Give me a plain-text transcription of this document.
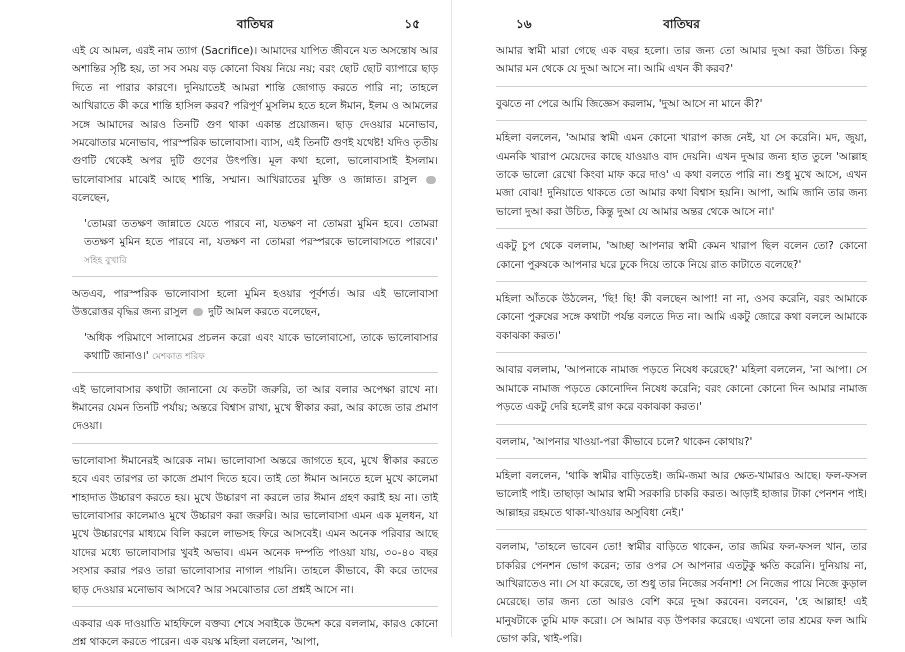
বাতিঘর	১৫

এই যে আমল, এরই নাম ত্যাগ (Sacrifice)। আমাদের যাপিত জীবনে যত অসন্তোষ আর অশান্তির সৃষ্টি হয়, তা সব সময় বড় কোনো বিষয় নিয়ে নয়; বরং ছোট ছোট ব্যাপারে ছাড় দিতে না পারার কারণে। দুনিয়াতেই আমরা শান্তি জোগাড় করতে পারি না; তাহলে আখিরাতে কী করে শান্তি হাসিল করব? পরিপূর্ণ মুসলিম হতে হলে ঈমান, ইলম ও আমলের সঙ্গে আমাদের আরও তিনটি গুণ থাকা একান্ত প্রয়োজন। ছাড় দেওয়ার মনোভাব, সমঝোতার মনোভাব, পারস্পরিক ভালোবাসা। ব্যাস, এই তিনটি গুণই যথেষ্ট! যদিও তৃতীয় গুণটি থেকেই অপর দুটি গুণের উৎপত্তি। মূল কথা হলো, ভালোবাসাই ইসলাম। ভালোবাসার মাঝেই আছে শান্তি, সম্মান। আখিরাতের মুক্তি ও জান্নাত। রাসুল  বলেছেন,

'তোমরা ততক্ষণ জান্নাতে যেতে পারবে না, যতক্ষণ না তোমরা মুমিন হবে। তোমরা ততক্ষণ মুমিন হতে পারবে না, যতক্ষণ না তোমরা পরস্পরকে ভালোবাসতে পারবে।' সহিহ বুখারি

অতএব, পারস্পরিক ভালোবাসা হলো মুমিন হওয়ার পূর্বশর্ত। আর এই ভালোবাসা উত্তরোত্তর বৃদ্ধির জন্য রাসুল দুটি আমল করতে বলেছেন,

'অধিক পরিমাণে সালামের প্রচলন করো এবং যাকে ভালোবাসো, তাকে ভালোবাসার কথাটি জানাও।' মেশকাত শরিফ

এই ভালোবাসার কথাটা জানানো যে কতটা জরুরি, তা আর বলার অপেক্ষা রাখে না। ঈমানের যেমন তিনটি পর্যায়; অন্তরে বিশ্বাস রাখা, মুখে স্বীকার করা, আর কাজে তার প্রমাণ দেওয়া।

ভালোবাসা ঈমানেরই আরেক নাম। ভালোবাসা অন্তরে জাগতে হবে, মুখে স্বীকার করতে হবে এবং তারপর তা কাজে প্রমাণ দিতে হবে। তাই তো ঈমান আনতে হলে মুখে কালেমা শাহাদাত উচ্চারণ করতে হয়। মুখে উচ্চারণ না করলে তার ঈমান গ্রহণ করাই হয় না। তাই ভালোবাসার কালেমাও মুখে উচ্চারণ করা জরুরি। আর ভালোবাসা এমন এক মূলধন, যা মুখে উচ্চারণের মাধ্যমে বিলি করলে লাভসহ ফিরে আসবেই। এমন অনেক পরিবার আছে যাদের মধ্যে ভালোবাসার খুবই অভাব। এমন অনেক দম্পতি পাওয়া যায়, ৩০-৪০ বছর সংসার করার পরও তারা ভালোবাসার নাগাল পায়নি। তাহলে কীভাবে, কী করে তাদের ছাড় দেওয়ার মনোভাব আসবে? আর সমঝোতার তো প্রশ্নই আসে না।

একবার এক দাওয়াতি মাহফিলে বক্তব্য শেষে সবাইকে উদ্দেশ করে বললাম, কারও কোনো প্রশ্ন থাকলে করতে পারেন। এক বয়স্ক মহিলা বললেন, 'আপা,

১৬	বাতিঘর

আমার স্বামী মারা গেছে এক বছর হলো। তার জন্য তো আমার দুআ করা উচিত। কিন্তু আমার মন থেকে যে দুআ আসে না। আমি এখন কী করব?'

বুঝতে না পেরে আমি জিজ্ঞেস করলাম, 'দুআ আসে না মানে কী?'

মহিলা বললেন, 'আমার স্বামী এমন কোনো খারাপ কাজ নেই, যা সে করেনি। মদ, জুয়া, এমনকি খারাপ মেয়েদের কাছে যাওয়াও বাদ দেয়নি। এখন দুআর জন্য হাত তুলে 'আল্লাহ তাকে ভালো রেখো কিংবা মাফ করে দাও' এ কথা বলতে পারি না। শুধু মুখে আসে, এখন মজা বোঝ! দুনিয়াতে থাকতে তো আমার কথা বিশ্বাস হয়নি। আপা, আমি জানি তার জন্য ভালো দুআ করা উচিত, কিন্তু দুআ যে আমার অন্তর থেকে আসে না।'

একটু চুপ থেকে বললাম, 'আচ্ছা আপনার স্বামী কেমন খারাপ ছিল বলেন তো? কোনো কোনো পুরুষকে আপনার ঘরে ঢুকে দিয়ে তাকে নিয়ে রাত কাটাতে বলেছে?'

মহিলা আঁতকে উঠলেন, 'ছি! ছি! কী বলছেন আপা! না না, ওসব করেনি, বরং আমাকে কোনো পুরুষের সঙ্গে কথাটা পর্যন্ত বলতে দিত না। আমি একটু জোরে কথা বললে আমাকে বকাঝকা করত।'

আবার বললাম, 'আপনাকে নামাজ পড়তে নিষেধ করেছে?' মহিলা বললেন, 'না আপা। সে আমাকে নামাজ পড়তে কোনোদিন নিষেধ করেনি; বরং কোনো কোনো দিন আমার নামাজ পড়তে একটু দেরি হলেই রাগ করে বকাঝকা করত।'

বললাম, 'আপনার খাওয়া-পরা কীভাবে চলে? থাকেন কোথায়?'

মহিলা বললেন, 'থাকি স্বামীর বাড়িতেই। জমি-জমা আর ক্ষেত-খামারও আছে। ফল-ফসল ভালোই পাই। তাছাড়া আমার স্বামী সরকারি চাকরি করত। আড়াই হাজার টাকা পেনশন পাই। আল্লাহর রহমতে থাকা-খাওয়ার অসুবিধা নেই।'

বললাম, 'তাহলে ভাবেন তো! স্বামীর বাড়িতে থাকেন, তার জমির ফল-ফসল খান, তার চাকরির পেনশন ভোগ করেন; তার ওপর সে আপনার এতটুকু ক্ষতি করেনি। দুনিয়ায় না, আখিরাতেও না। সে যা করেছে, তা শুধু তার নিজের সর্বনাশ! সে নিজের পায়ে নিজে কুড়াল মেরেছে। তার জন্য তো আরও বেশি করে দুআ করবেন। বলবেন, 'হে আল্লাহ! এই মানুষটাকে তুমি মাফ করো। সে আমার বড় উপকার করেছে। এখনো তার শ্রমের ফল আমি ভোগ করি, খাই-পরি।
